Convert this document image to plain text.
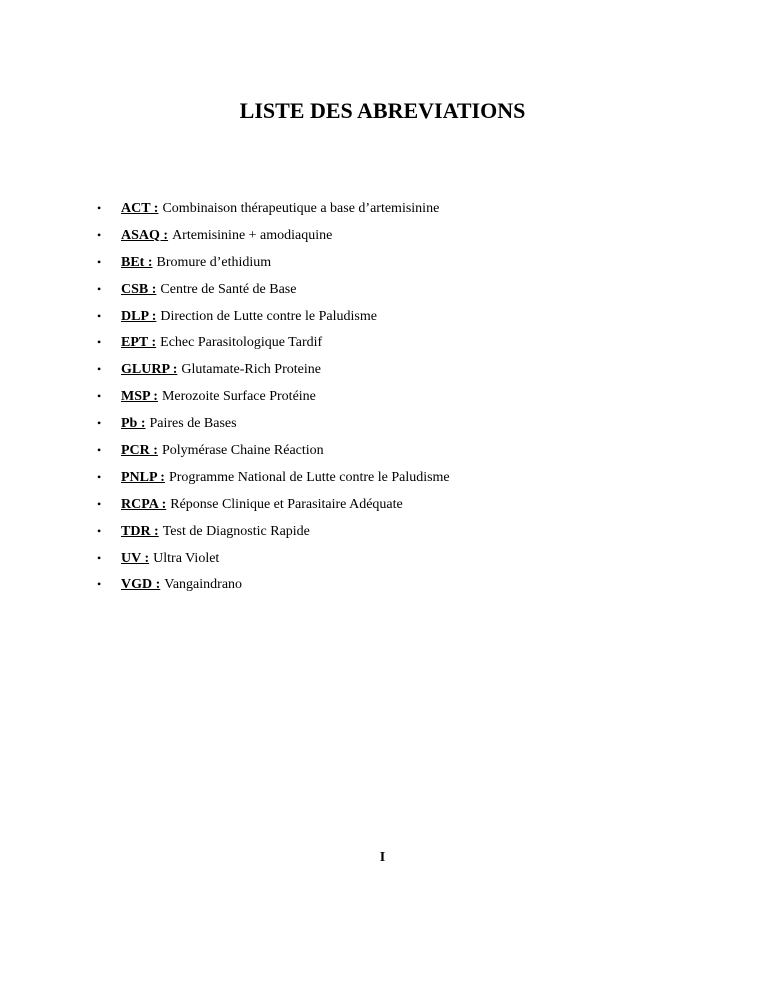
LISTE DES ABREVIATIONS
•	ACT : Combinaison thérapeutique a base d’artemisinine
•	ASAQ : Artemisinine + amodiaquine
•	BEt : Bromure d’ethidium
•	CSB : Centre de Santé de Base
•	DLP : Direction de Lutte contre le Paludisme
•	EPT : Echec Parasitologique Tardif
•	GLURP : Glutamate-Rich Proteine
•	MSP : Merozoite Surface Protéine
•	Pb : Paires de Bases
•	PCR : Polymérase Chaine Réaction
•	PNLP : Programme National de Lutte contre le Paludisme
•	RCPA : Réponse Clinique et Parasitaire Adéquate
•	TDR : Test de Diagnostic Rapide
•	UV : Ultra Violet
•	VGD : Vangaindrano
I
